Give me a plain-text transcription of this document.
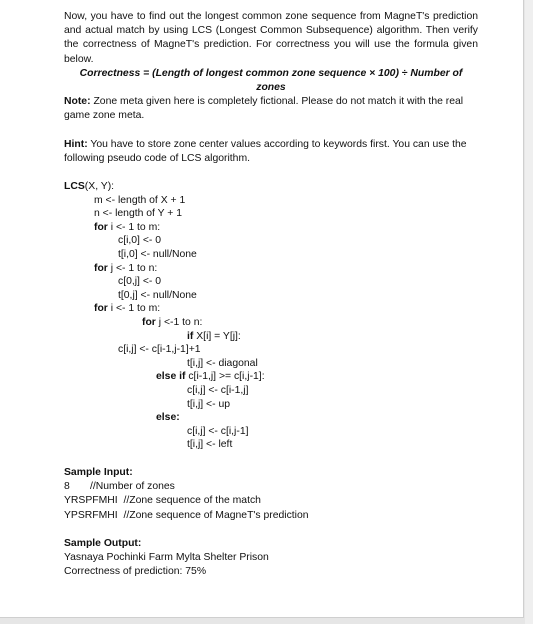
Now, you have to find out the longest common zone sequence from MagneT's prediction and actual match by using LCS (Longest Common Subsequence) algorithm. Then verify the correctness of MagneT's prediction. For correctness you will use the formula given below.

Correctness = (Length of longest common zone sequence × 100) ÷ Number of zones

Note: Zone meta given here is completely fictional. Please do not match it with the real game zone meta.

Hint: You have to store zone center values according to keywords first. You can use the following pseudo code of LCS algorithm.

LCS(X, Y):
m <- length of X + 1
n <- length of Y + 1
for i <- 1 to m:
c[i,0] <- 0
t[i,0] <- null/None
for j <- 1 to n:
c[0,j] <- 0
t[0,j] <- null/None
for i <- 1 to m:
for j <-1 to n:
if X[i] = Y[j]:
c[i,j] <- c[i-1,j-1]+1
t[i,j] <- diagonal
else if c[i-1,j] >= c[i,j-1]:
c[i,j] <- c[i-1,j]
t[i,j] <- up
else:
c[i,j] <- c[i,j-1]
t[i,j] <- left

Sample Input:

8       //Number of zones

YRSPFMHI  //Zone sequence of the match

YPSRFMHI  //Zone sequence of MagneT's prediction

Sample Output:

Yasnaya Pochinki Farm Mylta Shelter Prison

Correctness of prediction: 75%
